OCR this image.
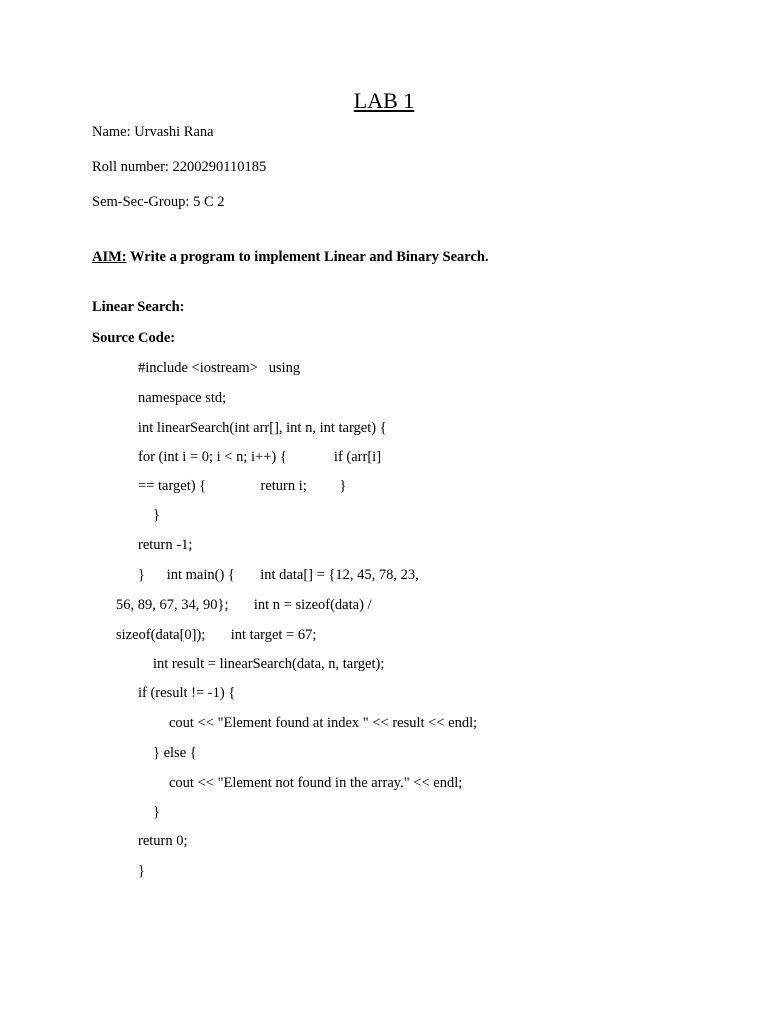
LAB 1
Name: Urvashi Rana
Roll number: 2200290110185
Sem-Sec-Group: 5 C 2
AIM: Write a program to implement Linear and Binary Search.
Linear Search:
Source Code:
#include <iostream>   using
namespace std;
int linearSearch(int arr[], int n, int target) {
for (int i = 0; i < n; i++) {             if (arr[i]
== target) {               return i;         }
}
return -1;
}      int main() {       int data[] = {12, 45, 78, 23,
56, 89, 67, 34, 90};       int n = sizeof(data) /
sizeof(data[0]);       int target = 67;
int result = linearSearch(data, n, target);
if (result != -1) {
cout << "Element found at index " << result << endl;
} else {
cout << "Element not found in the array." << endl;
}
return 0;
}
